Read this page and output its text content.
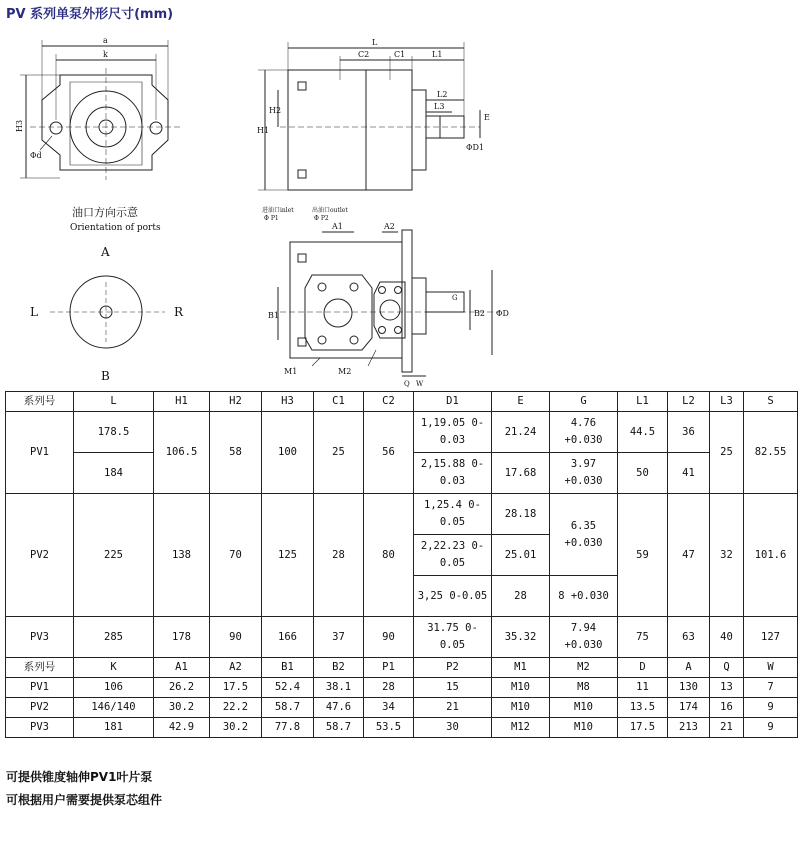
PV 系列单泵外形尺寸(mm)
a
k
H3
Φd
L
C2	C1	L1
L2
L3
H1
H2
E
ΦD1
油口方向示意
Orientation of ports
A
B
L	R
进油口inlet
Φ P1
出油口outlet
Φ P2
A1	A2
B1	B2 ΦD
G
M1	M2
Q W
系列号	L	H1	H2	H3	C1	C2	D1	E	G	L1	L2	L3	S
PV1	178.5	106.5	58	100	25	56	1,19.05 0-0.03	21.24	4.76 +0.030	44.5	36	25	82.55
	184						2,15.88 0-0.03	17.68	3.97 +0.030	50	41		
PV2	225	138	70	125	28	80	1,25.4 0-0.05	28.18	6.35 +0.030	59	47	32	101.6
							2,22.23 0-0.05	25.01					
							3,25 0-0.05	28	8 +0.030				
PV3	285	178	90	166	37	90	31.75 0-0.05	35.32	7.94 +0.030	75	63	40	127
系列号	K	A1	A2	B1	B2	P1	P2	M1	M2	D	A	Q	W
PV1	106	26.2	17.5	52.4	38.1	28	15	M10	M8	11	130	13	7
PV2	146/140	30.2	22.2	58.7	47.6	34	21	M10	M10	13.5	174	16	9
PV3	181	42.9	30.2	77.8	58.7	53.5	30	M12	M10	17.5	213	21	9
可提供锥度轴伸PV1叶片泵
可根据用户需要提供泵芯组件
